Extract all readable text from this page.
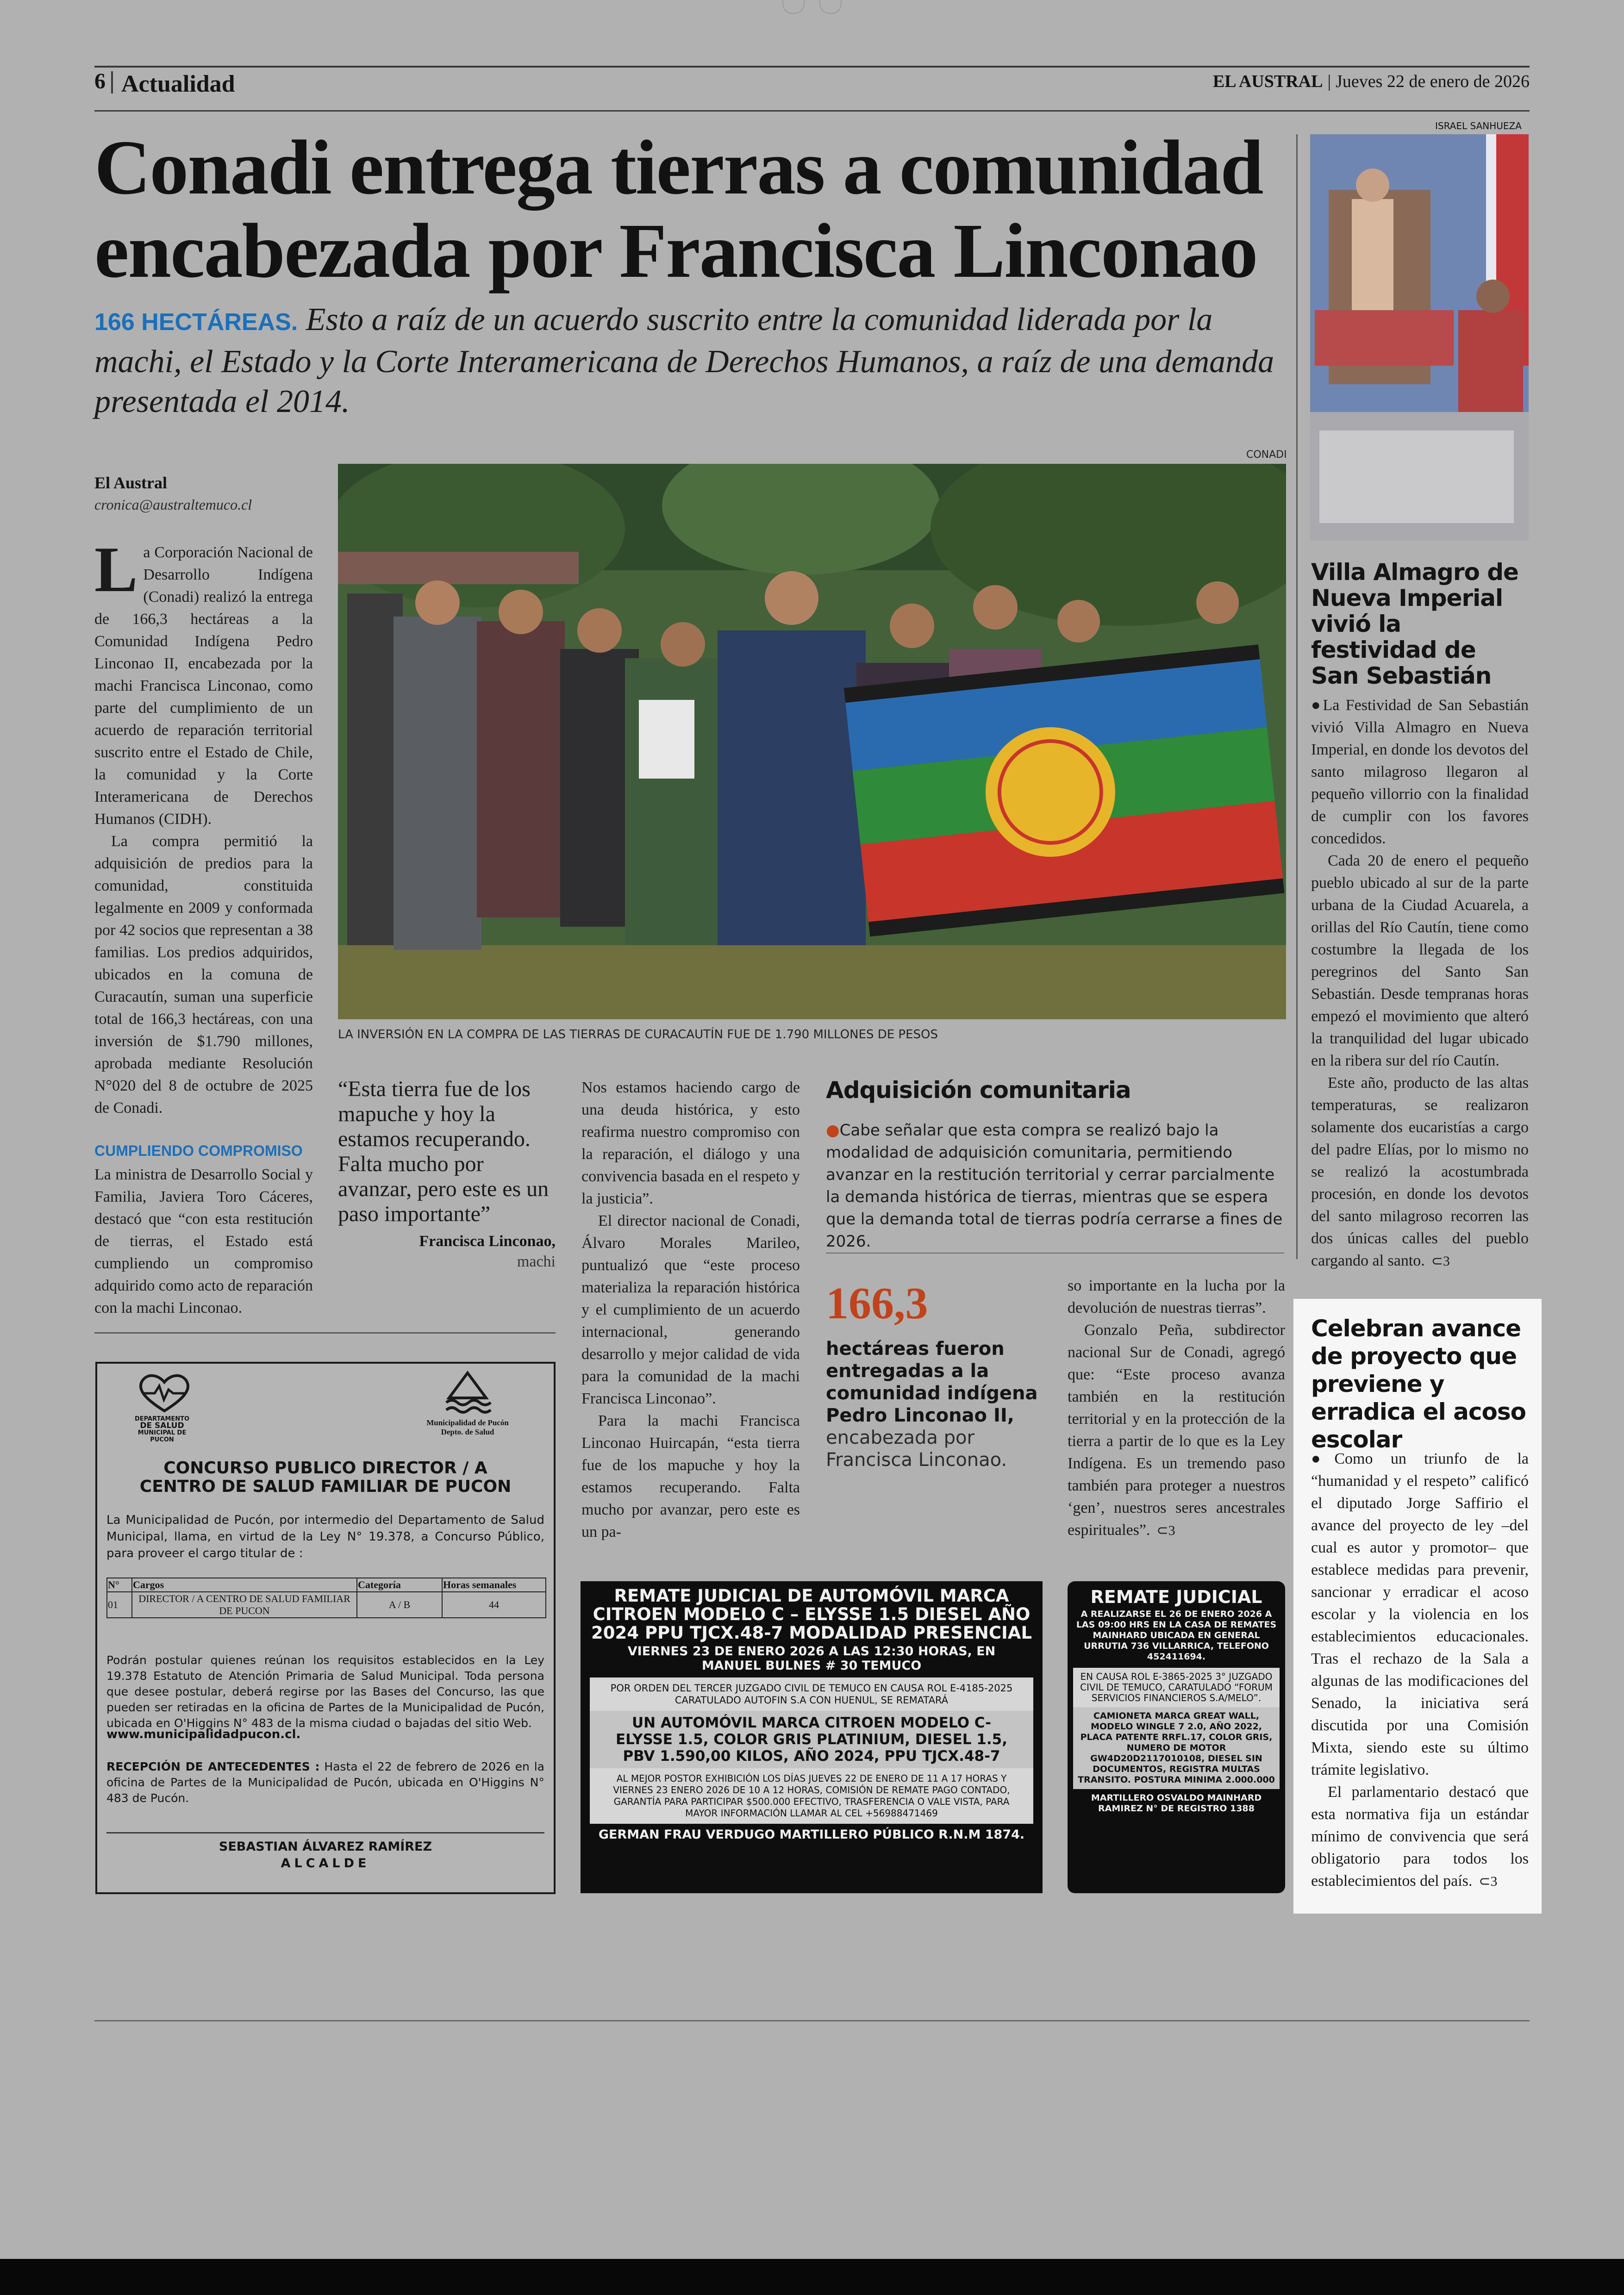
6 Actualidad	EL AUSTRAL | Jueves 22 de enero de 2026
Conadi entrega tierras a comunidad encabezada por Francisca Linconao
166 HECTÁREAS. Esto a raíz de un acuerdo suscrito entre la comunidad liderada por la machi, el Estado y la Corte Interamericana de Derechos Humanos, a raíz de una demanda presentada el 2014.
El Austral
cronica@australtemuco.cl
CONADI
LA INVERSIÓN EN LA COMPRA DE LAS TIERRAS DE CURACAUTÍN FUE DE 1.790 MILLONES DE PESOS

La Corporación Nacional de Desarrollo Indígena (Conadi) realizó la entrega de 166,3 hectáreas a la Comunidad Indígena Pedro Linconao II, encabezada por la machi Francisca Linconao, como parte del cumplimiento de un acuerdo de reparación territorial suscrito entre el Estado de Chile, la comunidad y la Corte Interamericana de Derechos Humanos (CIDH).

La compra permitió la adquisición de predios para la comunidad, constituida legalmente en 2009 y conformada por 42 socios que representan a 38 familias. Los predios adquiridos, ubicados en la comuna de Curacautín, suman una superficie total de 166,3 hectáreas, con una inversión de $1.790 millones, aprobada mediante Resolución N°020 del 8 de octubre de 2025 de Conadi.

CUMPLIENDO COMPROMISO

La ministra de Desarrollo Social y Familia, Javiera Toro Cáceres, destacó que “con esta restitución de tierras, el Estado está cumpliendo un compromiso adquirido como acto de reparación con la machi Linconao.

“Esta tierra fue de los mapuche y hoy la estamos recuperando. Falta mucho por avanzar, pero este es un paso importante”
Francisca Linconao,
machi

Nos estamos haciendo cargo de una deuda histórica, y esto reafirma nuestro compromiso con la reparación, el diálogo y una convivencia basada en el respeto y la justicia”.

El director nacional de Conadi, Álvaro Morales Marileo, puntualizó que “este proceso materializa la reparación histórica y el cumplimiento de un acuerdo internacional, generando desarrollo y mejor calidad de vida para la comunidad de la machi Francisca Linconao”.

Para la machi Francisca Linconao Huircapán, “esta tierra fue de los mapuche y hoy la estamos recuperando. Falta mucho por avanzar, pero este es un pa-

Adquisición comunitaria
●Cabe señalar que esta compra se realizó bajo la modalidad de adquisición comunitaria, permitiendo avanzar en la restitución territorial y cerrar parcialmente la demanda histórica de tierras, mientras que se espera que la demanda total de tierras podría cerrarse a fines de 2026.
166,3
hectáreas fueron entregadas a la comunidad indígena Pedro Linconao II, encabezada por Francisca Linconao.

so importante en la lucha por la devolución de nuestras tierras”.

Gonzalo Peña, subdirector nacional Sur de Conadi, agregó que: “Este proceso avanza también en la restitución territorial y en la protección de la tierra a partir de lo que es la Ley Indígena. Es un tremendo paso también para proteger a nuestros ‘gen’, nuestros seres ancestrales espirituales”. ⊂3

DEPARTAMENTO
DE SALUD
MUNICIPAL DE
PUCON
Municipalidad de Pucón
Depto. de Salud
CONCURSO PUBLICO DIRECTOR / A
CENTRO DE SALUD FAMILIAR DE PUCON
La Municipalidad de Pucón, por intermedio del Departamento de Salud Municipal, llama, en virtud de la Ley N° 19.378, a Concurso Público, para proveer el cargo titular de :
N°	Cargos	Categoría	Horas semanales
01	DIRECTOR / A CENTRO DE SALUD FAMILIAR DE PUCON	A / B	44
Podrán postular quienes reúnan los requisitos establecidos en la Ley 19.378 Estatuto de Atención Primaria de Salud Municipal. Toda persona que desee postular, deberá regirse por las Bases del Concurso, las que pueden ser retiradas en la oficina de Partes de la Municipalidad de Pucón, ubicada en O'Higgins N° 483 de la misma ciudad o bajadas del sitio Web.
www.municipalidadpucon.cl.
RECEPCIÓN DE ANTECEDENTES : Hasta el 22 de febrero de 2026 en la oficina de Partes de la Municipalidad de Pucón, ubicada en O'Higgins N° 483 de Pucón.
SEBASTIAN ÁLVAREZ RAMÍREZ
ALCALDE
REMATE JUDICIAL DE AUTOMÓVIL MARCA CITROEN MODELO C – ELYSSE 1.5 DIESEL AÑO 2024 PPU TJCX.48-7 MODALIDAD PRESENCIAL
VIERNES 23 DE ENERO 2026 A LAS 12:30 HORAS, EN MANUEL BULNES # 30 TEMUCO
POR ORDEN DEL TERCER JUZGADO CIVIL DE TEMUCO EN CAUSA ROL E-4185-2025 CARATULADO AUTOFIN S.A CON HUENUL, SE REMATARÁ
UN AUTOMÓVIL MARCA CITROEN MODELO C- ELYSSE 1.5, COLOR GRIS PLATINIUM, DIESEL 1.5, PBV 1.590,00 KILOS, AÑO 2024, PPU TJCX.48-7
AL MEJOR POSTOR EXHIBICIÓN LOS DÍAS JUEVES 22 DE ENERO DE 11 A 17 HORAS Y VIERNES 23 ENERO 2026 DE 10 A 12 HORAS, COMISIÓN DE REMATE PAGO CONTADO, GARANTÍA PARA PARTICIPAR $500.000 EFECTIVO, TRASFERENCIA O VALE VISTA, PARA MAYOR INFORMACIÓN LLAMAR AL CEL +56988471469
GERMAN FRAU VERDUGO MARTILLERO PÚBLICO R.N.M 1874.
REMATE JUDICIAL
A REALIZARSE EL 26 DE ENERO 2026 A LAS 09:00 HRS EN LA CASA DE REMATES MAINHARD UBICADA EN GENERAL URRUTIA 736 VILLARRICA, TELEFONO 452411694.
EN CAUSA ROL E-3865-2025 3° JUZGADO CIVIL DE TEMUCO, CARATULADO “FORUM SERVICIOS FINANCIEROS S.A/MELO”.
CAMIONETA MARCA GREAT WALL, MODELO WINGLE 7 2.0, AÑO 2022, PLACA PATENTE RRFL.17, COLOR GRIS, NUMERO DE MOTOR GW4D20D2117010108, DIESEL SIN DOCUMENTOS, REGISTRA MULTAS TRANSITO. POSTURA MINIMA 2.000.000
MARTILLERO OSVALDO MAINHARD RAMIREZ N° DE REGISTRO 1388
ISRAEL SANHUEZA
Villa Almagro de Nueva Imperial vivió la festividad de San Sebastián

● La Festividad de San Sebastián vivió Villa Almagro en Nueva Imperial, en donde los devotos del santo milagroso llegaron al pequeño villorrio con la finalidad de cumplir con los favores concedidos.

Cada 20 de enero el pequeño pueblo ubicado al sur de la parte urbana de la Ciudad Acuarela, a orillas del Río Cautín, tiene como costumbre la llegada de los peregrinos del Santo San Sebastián. Desde tempranas horas empezó el movimiento que alteró la tranquilidad del lugar ubicado en la ribera sur del río Cautín.

Este año, producto de las altas temperaturas, se realizaron solamente dos eucaristías a cargo del padre Elías, por lo mismo no se realizó la acostumbrada procesión, en donde los devotos del santo milagroso recorren las dos únicas calles del pueblo cargando al santo. ⊂3

Celebran avance de proyecto que previene y erradica el acoso escolar

● Como un triunfo de la “humanidad y el respeto” calificó el diputado Jorge Saffirio el avance del proyecto de ley –del cual es autor y promotor– que establece medidas para prevenir, sancionar y erradicar el acoso escolar y la violencia en los establecimientos educacionales. Tras el rechazo de la Sala a algunas de las modificaciones del Senado, la iniciativa será discutida por una Comisión Mixta, siendo este su último trámite legislativo.

El parlamentario destacó que esta normativa fija un estándar mínimo de convivencia que será obligatorio para todos los establecimientos del país. ⊂3
